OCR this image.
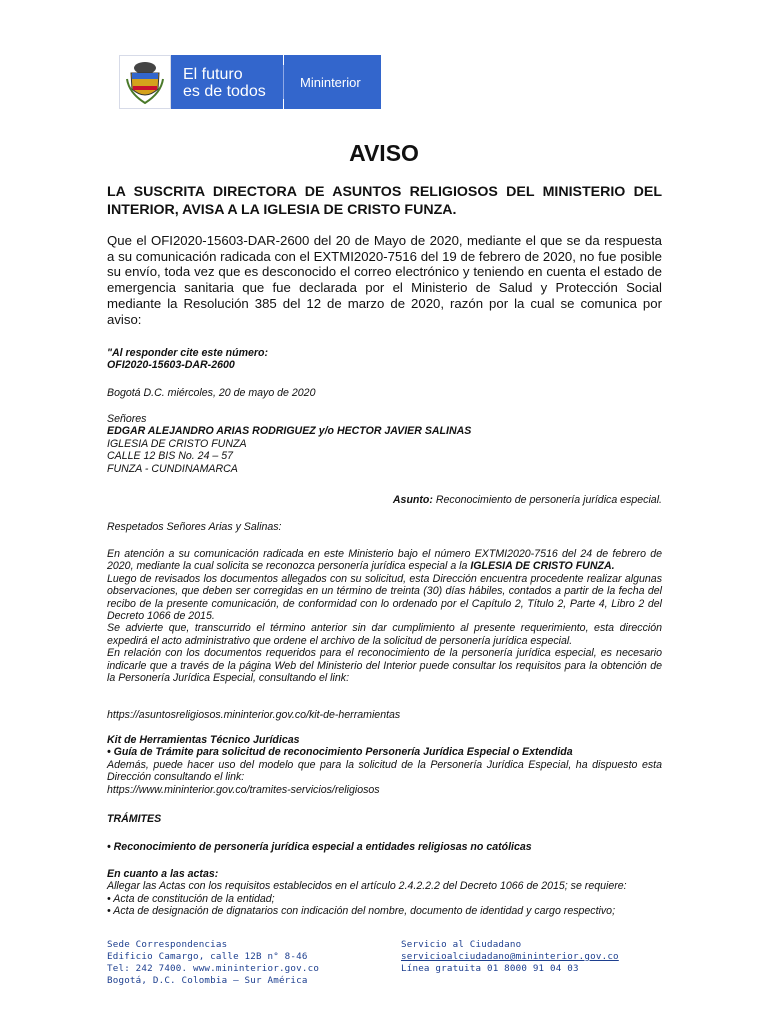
El futuro
es de todos
Mininterior
AVISO
LA SUSCRITA DIRECTORA DE ASUNTOS RELIGIOSOS DEL MINISTERIO DEL INTERIOR, AVISA A LA IGLESIA DE CRISTO FUNZA.
Que el OFI2020-15603-DAR-2600 del 20 de Mayo de 2020, mediante el que se da respuesta a su comunicación radicada con el EXTMI2020-7516 del 19 de febrero de 2020, no fue posible su envío, toda vez que es desconocido el correo electrónico y teniendo en cuenta el estado de emergencia sanitaria que fue declarada por el Ministerio de Salud y Protección Social mediante la Resolución 385 del 12 de marzo de 2020, razón por la cual se comunica por aviso:

"Al responder cite este número:

OFI2020-15603-DAR-2600

Bogotá D.C. miércoles, 20 de mayo de 2020

Señores

EDGAR ALEJANDRO ARIAS RODRIGUEZ y/o HECTOR JAVIER SALINAS

IGLESIA DE CRISTO FUNZA

CALLE 12 BIS No. 24 – 57

FUNZA - CUNDINAMARCA

Asunto: Reconocimiento de personería jurídica especial.
Respetados Señores Arias y Salinas:

En atención a su comunicación radicada en este Ministerio bajo el número EXTMI2020-7516 del 24 de febrero de 2020, mediante la cual solicita se reconozca personería jurídica especial a la IGLESIA DE CRISTO FUNZA.

Luego de revisados los documentos allegados con su solicitud, esta Dirección encuentra procedente realizar algunas observaciones, que deben ser corregidas en un término de treinta (30) días hábiles, contados a partir de la fecha del recibo de la presente comunicación, de conformidad con lo ordenado por el Capítulo 2, Título 2, Parte 4, Libro 2 del Decreto 1066 de 2015.

Se advierte que, transcurrido el término anterior sin dar cumplimiento al presente requerimiento, esta dirección expedirá el acto administrativo que ordene el archivo de la solicitud de personería jurídica especial.

En relación con los documentos requeridos para el reconocimiento de la personería jurídica especial, es necesario indicarle que a través de la página Web del Ministerio del Interior puede consultar los requisitos para la obtención de la Personería Jurídica Especial, consultando el link:

https://asuntosreligiosos.mininterior.gov.co/kit-de-herramientas

Kit de Herramientas Técnico Jurídicas

• Guía de Trámite para solicitud de reconocimiento Personería Jurídica Especial o Extendida

Además, puede hacer uso del modelo que para la solicitud de la Personería Jurídica Especial, ha dispuesto esta Dirección consultando el link:

https://www.mininterior.gov.co/tramites-servicios/religiosos

TRÁMITES
• Reconocimiento de personería jurídica especial a entidades religiosas no católicas

En cuanto a las actas:

Allegar las Actas con los requisitos establecidos en el artículo 2.4.2.2.2 del Decreto 1066 de 2015; se requiere:

• Acta de constitución de la entidad;

• Acta de designación de dignatarios con indicación del nombre, documento de identidad y cargo respectivo;

Sede Correspondencias
Edificio Camargo, calle 12B n° 8-46
Tel: 242 7400. www.mininterior.gov.co
Bogotá, D.C. Colombia – Sur América
Servicio al Ciudadano
servicioalciudadano@mininterior.gov.co
Línea gratuita 01 8000 91 04 03
